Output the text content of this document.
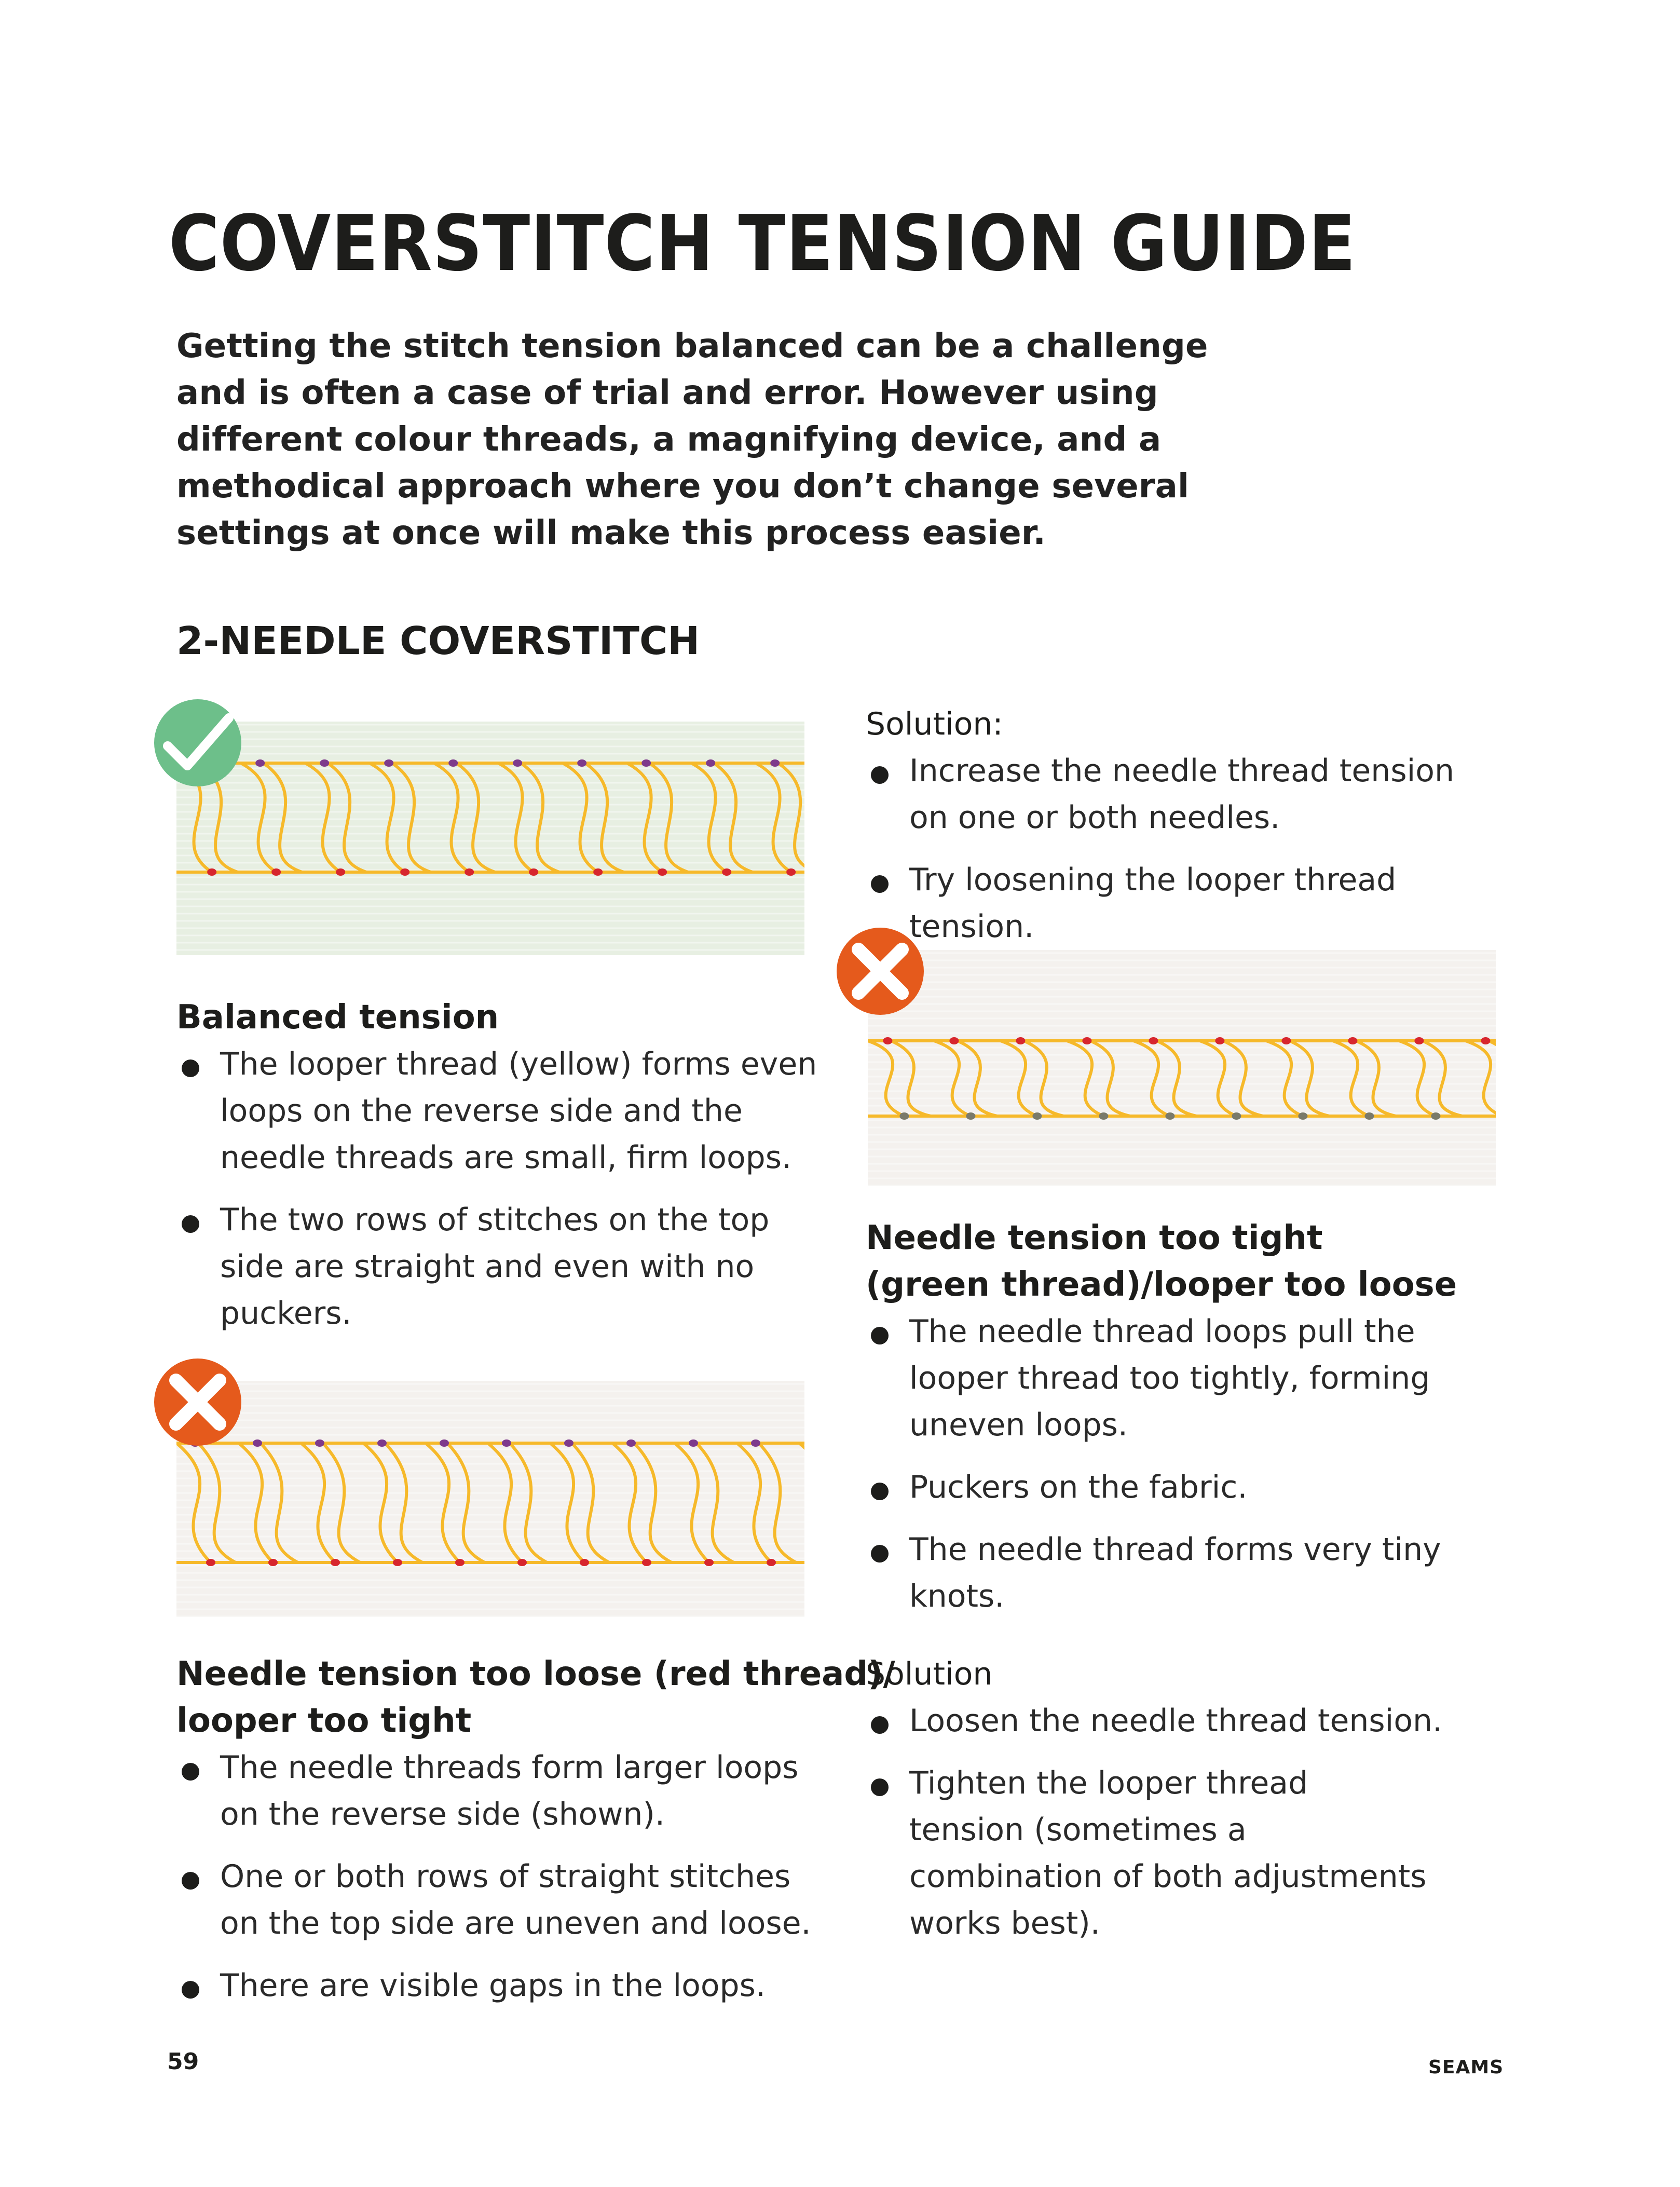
COVERSTITCH TENSION GUIDE
Getting the stitch tension balanced can be a challenge
and is often a case of trial and error. However using
different colour threads, a magnifying device, and a
methodical approach where you don’t change several
settings at once will make this process easier.
2-NEEDLE COVERSTITCH
Balanced tension
The looper thread (yellow) forms even loops on the reverse side and the needle threads are small, firm loops.
The two rows of stitches on the top side are straight and even with no puckers.
Needle tension too loose (red thread)/
looper too tight
The needle threads form larger loops on the reverse side (shown).
One or both rows of straight stitches on the top side are uneven and loose.
There are visible gaps in the loops.

Solution:

Increase the needle thread tension on one or both needles.
Try loosening the looper thread tension.
Needle tension too tight
(green thread)/looper too loose
The needle thread loops pull the looper thread too tightly, forming uneven loops.
Puckers on the fabric.
The needle thread forms very tiny knots.

Solution

Loosen the needle thread tension.
Tighten the looper thread tension (sometimes a combination of both adjustments works best).
59	SEAMS
